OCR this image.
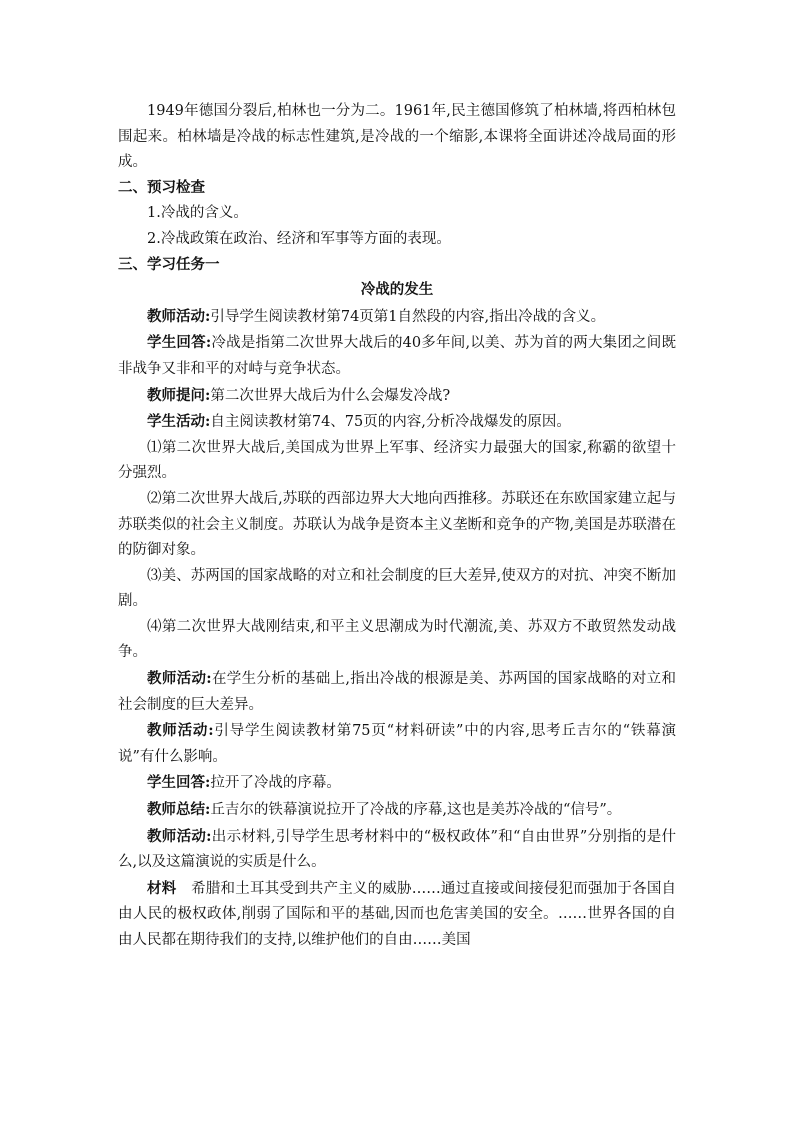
1949年德国分裂后,柏林也一分为二。1961年,民主德国修筑了柏林墙,将西柏林包围起来。柏林墙是冷战的标志性建筑,是冷战的一个缩影,本课将全面讲述冷战局面的形成。

二、预习检查

1.冷战的含义。

2.冷战政策在政治、经济和军事等方面的表现。

三、学习任务一

冷战的发生

教师活动:引导学生阅读教材第74页第1自然段的内容,指出冷战的含义。

学生回答:冷战是指第二次世界大战后的40多年间,以美、苏为首的两大集团之间既非战争又非和平的对峙与竞争状态。

教师提问:第二次世界大战后为什么会爆发冷战?

学生活动:自主阅读教材第74、75页的内容,分析冷战爆发的原因。

⑴第二次世界大战后,美国成为世界上军事、经济实力最强大的国家,称霸的欲望十分强烈。

⑵第二次世界大战后,苏联的西部边界大大地向西推移。苏联还在东欧国家建立起与苏联类似的社会主义制度。苏联认为战争是资本主义垄断和竞争的产物,美国是苏联潜在的防御对象。

⑶美、苏两国的国家战略的对立和社会制度的巨大差异,使双方的对抗、冲突不断加剧。

⑷第二次世界大战刚结束,和平主义思潮成为时代潮流,美、苏双方不敢贸然发动战争。

教师活动:在学生分析的基础上,指出冷战的根源是美、苏两国的国家战略的对立和社会制度的巨大差异。

教师活动:引导学生阅读教材第75页“材料研读”中的内容,思考丘吉尔的“铁幕演说”有什么影响。

学生回答:拉开了冷战的序幕。

教师总结:丘吉尔的铁幕演说拉开了冷战的序幕,这也是美苏冷战的“信号”。

教师活动:出示材料,引导学生思考材料中的“极权政体”和“自由世界”分别指的是什么,以及这篇演说的实质是什么。

材料　 希腊和土耳其受到共产主义的威胁……通过直接或间接侵犯而强加于各国自由人民的极权政体,削弱了国际和平的基础,因而也危害美国的安全。……世界各国的自由人民都在期待我们的支持,以维护他们的自由……美国
